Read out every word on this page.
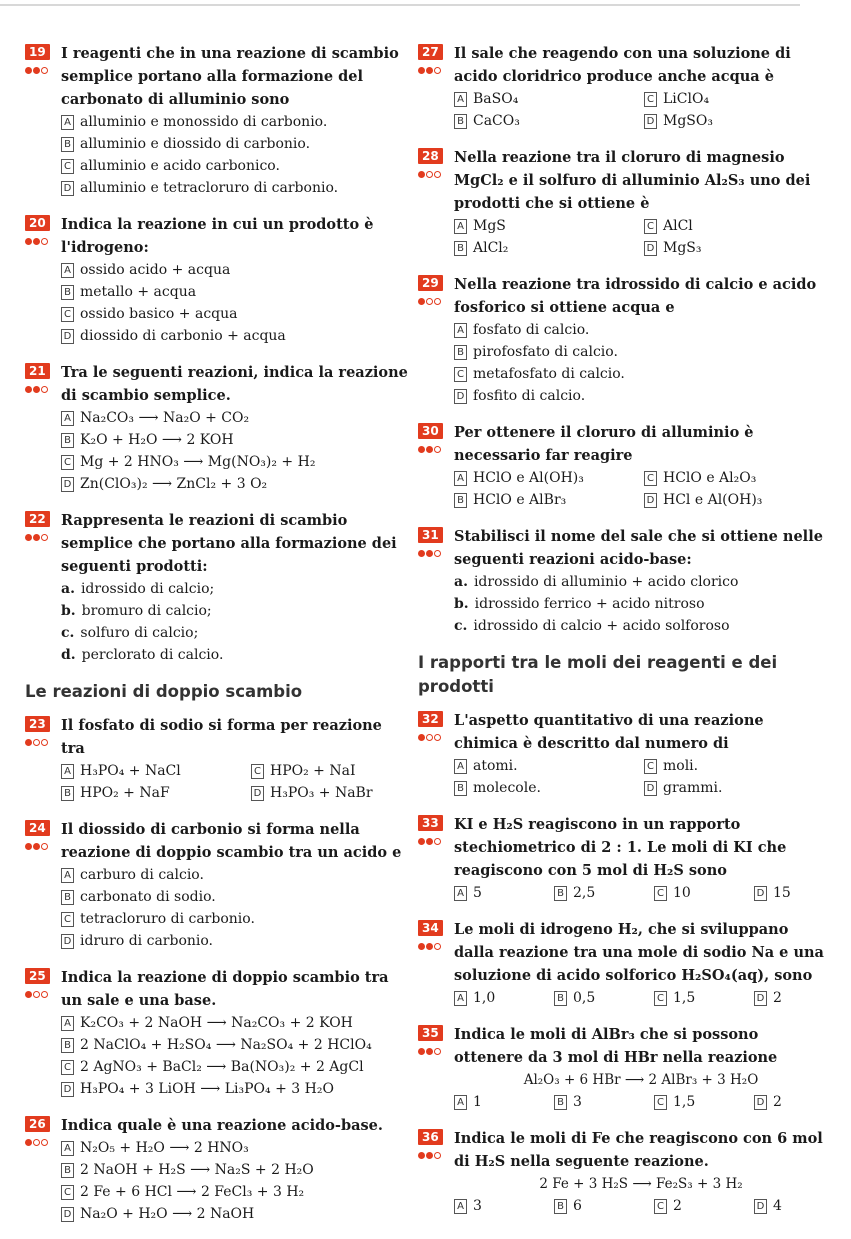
19 I reagenti che in una reazione di scambio semplice portano alla formazione del carbonato di alluminio sono
A alluminio e monossido di carbonio.
B alluminio e diossido di carbonio.
C alluminio e acido carbonico.
D alluminio e tetracloruro di carbonio.
20 Indica la reazione in cui un prodotto è l'idrogeno:
A ossido acido + acqua
B metallo + acqua
C ossido basico + acqua
D diossido di carbonio + acqua
21 Tra le seguenti reazioni, indica la reazione di scambio semplice.
A Na₂CO₃ ⟶ Na₂O + CO₂
B K₂O + H₂O ⟶ 2 KOH
C Mg + 2 HNO₃ ⟶ Mg(NO₃)₂ + H₂
D Zn(ClO₃)₂ ⟶ ZnCl₂ + 3 O₂
22 Rappresenta le reazioni di scambio semplice che portano alla formazione dei seguenti prodotti:
a. idrossido di calcio;
b. bromuro di calcio;
c. solfuro di calcio;
d. perclorato di calcio.
Le reazioni di doppio scambio
23 Il fosfato di sodio si forma per reazione tra
A H₃PO₄ + NaCl	C HPO₂ + NaI
B HPO₂ + NaF	D H₃PO₃ + NaBr
24 Il diossido di carbonio si forma nella reazione di doppio scambio tra un acido e
A carburo di calcio.
B carbonato di sodio.
C tetracloruro di carbonio.
D idruro di carbonio.
25 Indica la reazione di doppio scambio tra un sale e una base.
A K₂CO₃ + 2 NaOH ⟶ Na₂CO₃ + 2 KOH
B 2 NaClO₄ + H₂SO₄ ⟶ Na₂SO₄ + 2 HClO₄
C 2 AgNO₃ + BaCl₂ ⟶ Ba(NO₃)₂ + 2 AgCl
D H₃PO₄ + 3 LiOH ⟶ Li₃PO₄ + 3 H₂O
26 Indica quale è una reazione acido-base.
A N₂O₅ + H₂O ⟶ 2 HNO₃
B 2 NaOH + H₂S ⟶ Na₂S + 2 H₂O
C 2 Fe + 6 HCl ⟶ 2 FeCl₃ + 3 H₂
D Na₂O + H₂O ⟶ 2 NaOH
27 Il sale che reagendo con una soluzione di acido cloridrico produce anche acqua è
A BaSO₄	C LiClO₄
B CaCO₃	D MgSO₃
28 Nella reazione tra il cloruro di magnesio MgCl₂ e il solfuro di alluminio Al₂S₃ uno dei prodotti che si ottiene è
A MgS	C AlCl
B AlCl₂	D MgS₃
29 Nella reazione tra idrossido di calcio e acido fosforico si ottiene acqua e
A fosfato di calcio.
B pirofosfato di calcio.
C metafosfato di calcio.
D fosfito di calcio.
30 Per ottenere il cloruro di alluminio è necessario far reagire
A HClO e Al(OH)₃	C HClO e Al₂O₃
B HClO e AlBr₃	D HCl e Al(OH)₃
31 Stabilisci il nome del sale che si ottiene nelle seguenti reazioni acido-base:
a. idrossido di alluminio + acido clorico
b. idrossido ferrico + acido nitroso
c. idrossido di calcio + acido solforoso
I rapporti tra le moli dei reagenti e dei prodotti
32 L'aspetto quantitativo di una reazione chimica è descritto dal numero di
A atomi.	C moli.
B molecole.	D grammi.
33 KI e H₂S reagiscono in un rapporto stechiometrico di 2 : 1. Le moli di KI che reagiscono con 5 mol di H₂S sono
A 5	B 2,5	C 10	D 15
34 Le moli di idrogeno H₂, che si sviluppano dalla reazione tra una mole di sodio Na e una soluzione di acido solforico H₂SO₄(aq), sono
A 1,0	B 0,5	C 1,5	D 2
35 Indica le moli di AlBr₃ che si possono ottenere da 3 mol di HBr nella reazione
Al₂O₃ + 6 HBr ⟶ 2 AlBr₃ + 3 H₂O
A 1	B 3	C 1,5	D 2
36 Indica le moli di Fe che reagiscono con 6 mol di H₂S nella seguente reazione.
2 Fe + 3 H₂S ⟶ Fe₂S₃ + 3 H₂
A 3	B 6	C 2	D 4
